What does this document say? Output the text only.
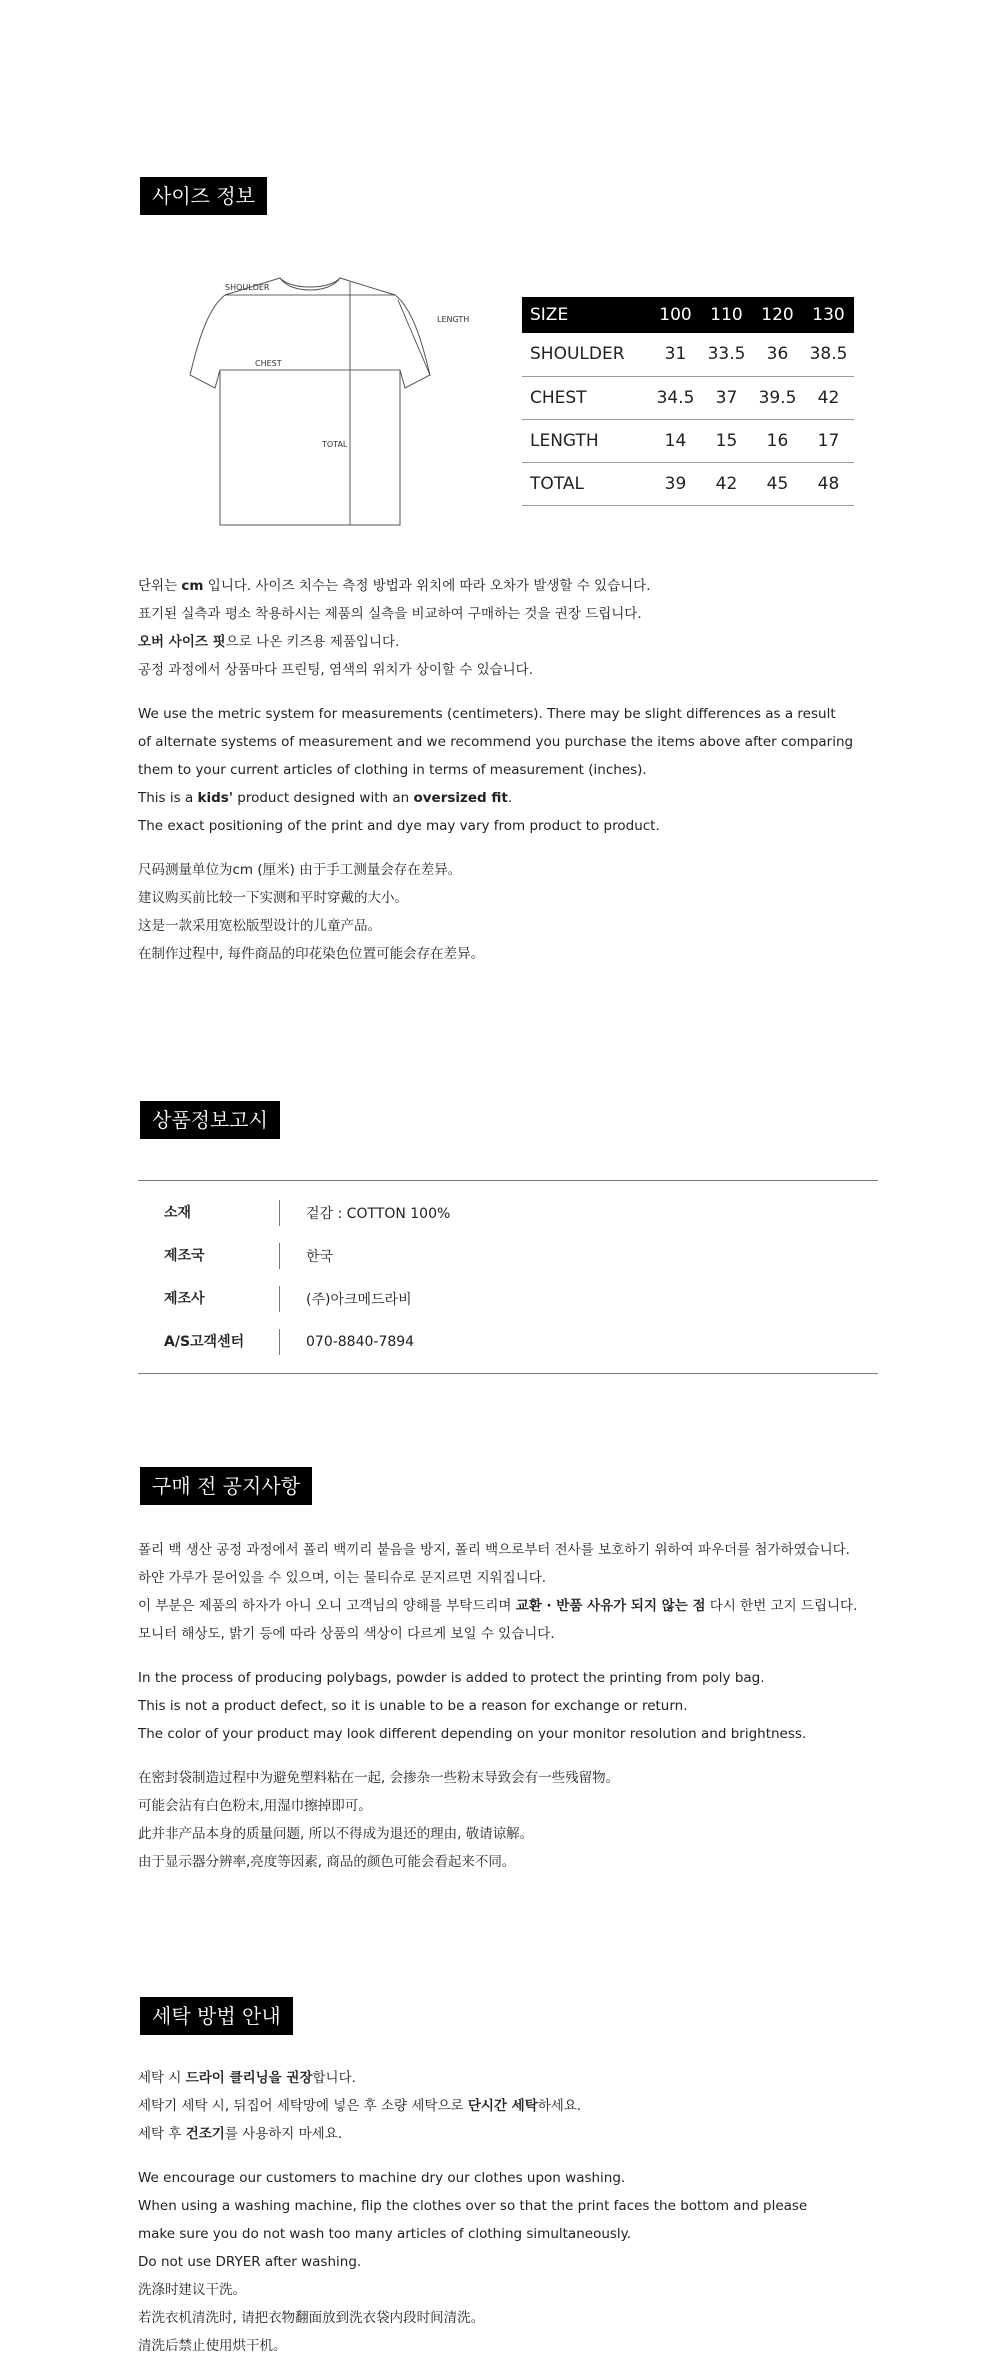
사이즈 정보
SHOULDER
LENGTH
CHEST
TOTAL
SIZE	100	110	120	130
SHOULDER	31	33.5	36	38.5
CHEST	34.5	37	39.5	42
LENGTH	14	15	16	17
TOTAL	39	42	45	48
단위는 cm 입니다. 사이즈 치수는 측정 방법과 위치에 따라 오차가 발생할 수 있습니다.
표기된 실측과 평소 착용하시는 제품의 실측을 비교하여 구매하는 것을 권장 드립니다.
오버 사이즈 핏으로 나온 키즈용 제품입니다.
공정 과정에서 상품마다 프린팅, 염색의 위치가 상이할 수 있습니다.
We use the metric system for measurements (centimeters). There may be slight differences as a result
of alternate systems of measurement and we recommend you purchase the items above after comparing
them to your current articles of clothing in terms of measurement (inches).
This is a kids' product designed with an oversized fit.
The exact positioning of the print and dye may vary from product to product.
尺码测量单位为cm (厘米) 由于手工测量会存在差异。
建议购买前比较一下实测和平时穿戴的大小。
这是一款采用宽松版型设计的儿童产品。
在制作过程中, 每件商品的印花染色位置可能会存在差异。
상품정보고시
소재	겉감 : COTTON 100%
제조국	한국
제조사	(주)아크메드라비
A/S고객센터	070-8840-7894
구매 전 공지사항
폴리 백 생산 공정 과정에서 폴리 백끼리 붙음을 방지, 폴리 백으로부터 전사를 보호하기 위하여 파우더를 첨가하였습니다.
하얀 가루가 묻어있을 수 있으며, 이는 물티슈로 문지르면 지워집니다.
이 부분은 제품의 하자가 아니 오니 고객님의 양해를 부탁드리며 교환 · 반품 사유가 되지 않는 점 다시 한번 고지 드립니다.
모니터 해상도, 밝기 등에 따라 상품의 색상이 다르게 보일 수 있습니다.
In the process of producing polybags, powder is added to protect the printing from poly bag.
This is not a product defect, so it is unable to be a reason for exchange or return.
The color of your product may look different depending on your monitor resolution and brightness.
在密封袋制造过程中为避免塑料粘在一起, 会掺杂一些粉末导致会有一些残留物。
可能会沾有白色粉末,用湿巾擦掉即可。
此并非产品本身的质量问题, 所以不得成为退还的理由, 敬请谅解。
由于显示器分辨率,亮度等因素, 商品的颜色可能会看起来不同。
세탁 방법 안내
세탁 시 드라이 클리닝을 권장합니다.
세탁기 세탁 시, 뒤집어 세탁망에 넣은 후 소량 세탁으로 단시간 세탁하세요.
세탁 후 건조기를 사용하지 마세요.
We encourage our customers to machine dry our clothes upon washing.
When using a washing machine, flip the clothes over so that the print faces the bottom and please
make sure you do not wash too many articles of clothing simultaneously.
Do not use DRYER after washing.
洗涤时建议干洗。
若洗衣机清洗时, 请把衣物翻面放到洗衣袋内段时间清洗。
清洗后禁止使用烘干机。
